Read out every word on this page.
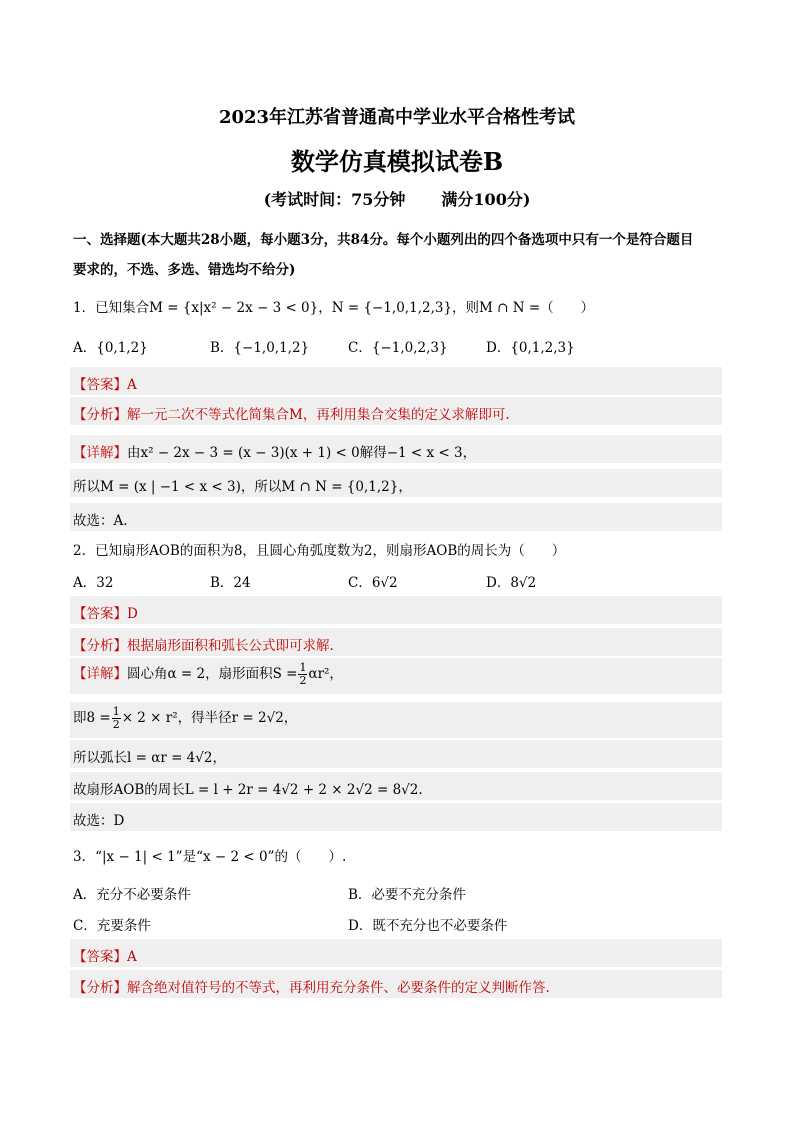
2023年江苏省普通高中学业水平合格性考试
数学仿真模拟试卷B
(考试时间：75分钟 满分100分)
一、选择题(本大题共28小题，每小题3分，共84分。每个小题列出的四个备选项中只有一个是符合题目
要求的，不选、多选、错选均不给分)
1．已知集合M = {x|x² − 2x − 3 < 0}，N = {−1,0,1,2,3}，则M ∩ N =（　　）
A．{0,1,2}	B．{−1,0,1,2}	C．{−1,0,2,3}	D．{0,1,2,3}
【答案】A
【分析】解一元二次不等式化简集合M，再利用集合交集的定义求解即可.
【详解】由x² − 2x − 3 = (x − 3)(x + 1) < 0解得−1 < x < 3，
所以M = (x | −1 < x < 3)，所以M ∩ N = {0,1,2}，
故选：A.
2．已知扇形AOB的面积为8，且圆心角弧度数为2，则扇形AOB的周长为（　　）
A．32	B．24	C．6√2	D．8√2
【答案】D
【分析】根据扇形面积和弧长公式即可求解.
【详解】圆心角α = 2，扇形面积$S = \frac{1}{2} \alpha r^2$，
即$8 = \frac{1}{2} \times 2 \times r^2$，得半径r = 2√2，
所以弧长l = αr = 4√2，
故扇形AOB的周长L = l + 2r = 4√2 + 2 × 2√2 = 8√2.
故选：D
3．“|x − 1| < 1”是“x − 2 < 0”的（　　）.
A．充分不必要条件	B．必要不充分条件
C．充要条件	D．既不充分也不必要条件
【答案】A
【分析】解含绝对值符号的不等式，再利用充分条件、必要条件的定义判断作答.
